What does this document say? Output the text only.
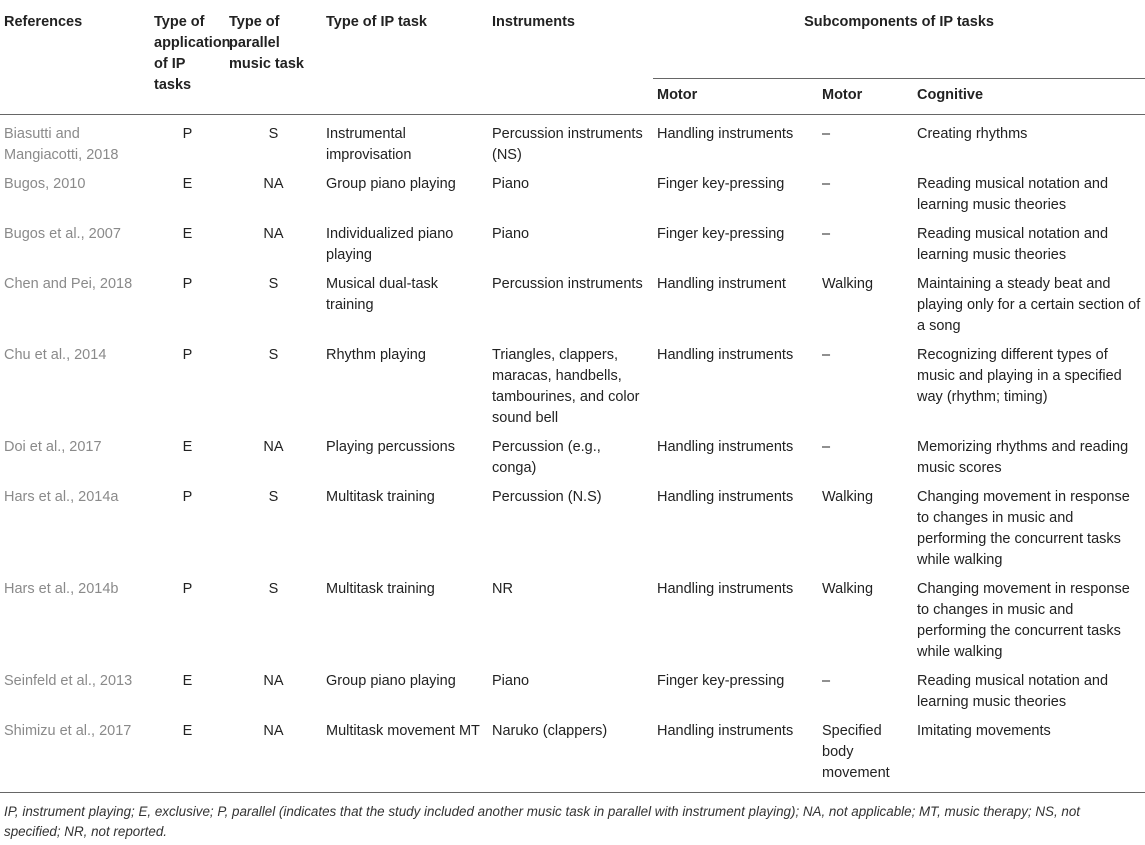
References	Type of application of IP tasks	Type of parallel music task	Type of IP task	Instruments	Subcomponents of IP tasks		
					Motor	Motor	Cognitive
Biasutti and Mangiacotti, 2018	P	S	Instrumental improvisation	Percussion instruments (NS)	Handling instruments	–	Creating rhythms
Bugos, 2010	E	NA	Group piano playing	Piano	Finger key-pressing	–	Reading musical notation and learning music theories
Bugos et al., 2007	E	NA	Individualized piano playing	Piano	Finger key-pressing	–	Reading musical notation and learning music theories
Chen and Pei, 2018	P	S	Musical dual-task training	Percussion instruments	Handling instrument	Walking	Maintaining a steady beat and playing only for a certain section of a song
Chu et al., 2014	P	S	Rhythm playing	Triangles, clappers, maracas, handbells, tambourines, and color sound bell	Handling instruments	–	Recognizing different types of music and playing in a specified way (rhythm; timing)
Doi et al., 2017	E	NA	Playing percussions	Percussion (e.g., conga)	Handling instruments	–	Memorizing rhythms and reading music scores
Hars et al., 2014a	P	S	Multitask training	Percussion (N.S)	Handling instruments	Walking	Changing movement in response to changes in music and performing the concurrent tasks while walking
Hars et al., 2014b	P	S	Multitask training	NR	Handling instruments	Walking	Changing movement in response to changes in music and performing the concurrent tasks while walking
Seinfeld et al., 2013	E	NA	Group piano playing	Piano	Finger key-pressing	–	Reading musical notation and learning music theories
Shimizu et al., 2017	E	NA	Multitask movement MT	Naruko (clappers)	Handling instruments	Specified body movement	Imitating movements
IP, instrument playing; E, exclusive; P, parallel (indicates that the study included another music task in parallel with instrument playing); NA, not applicable; MT, music therapy; NS, not specified; NR, not reported.
